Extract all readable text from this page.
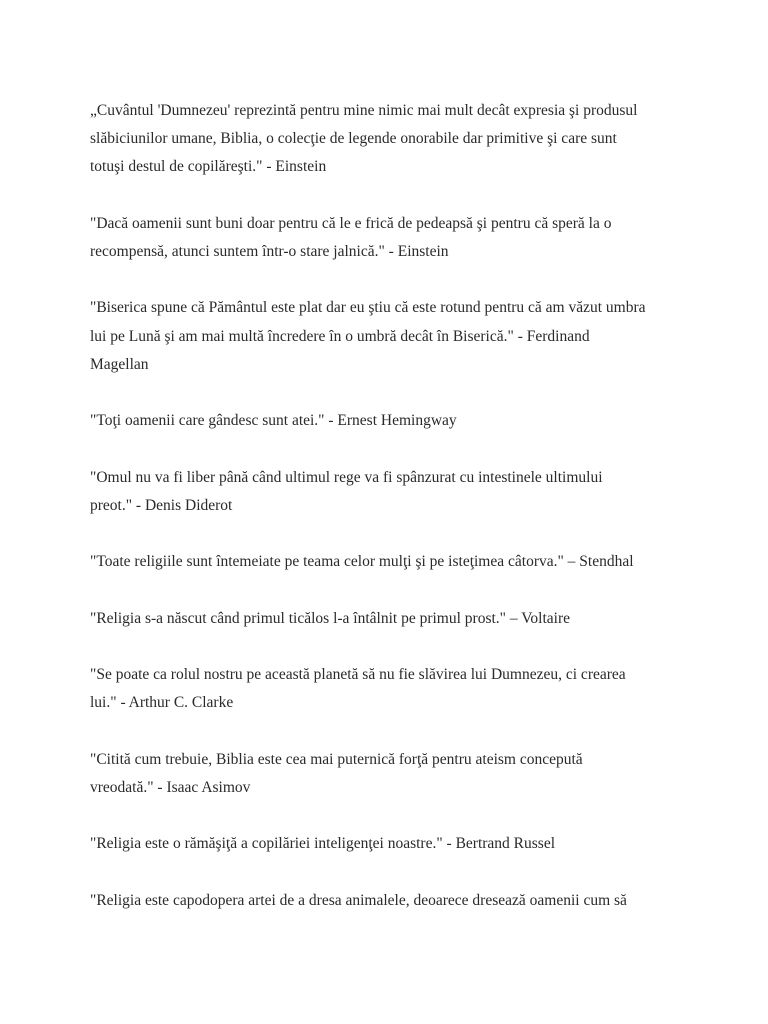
„Cuvântul 'Dumnezeu' reprezintă pentru mine nimic mai mult decât expresia şi produsul
slăbiciunilor umane, Biblia, o colecţie de legende onorabile dar primitive şi care sunt
totuşi destul de copilăreşti." - Einstein

"Dacă oamenii sunt buni doar pentru că le e frică de pedeapsă şi pentru că speră la o
recompensă, atunci suntem într-o stare jalnică." - Einstein

"Biserica spune că Pământul este plat dar eu ştiu că este rotund pentru că am văzut umbra
lui pe Lună şi am mai multă încredere în o umbră decât în Biserică." - Ferdinand
Magellan

"Toţi oamenii care gândesc sunt atei." - Ernest Hemingway

"Omul nu va fi liber până când ultimul rege va fi spânzurat cu intestinele ultimului
preot." - Denis Diderot

"Toate religiile sunt întemeiate pe teama celor mulţi şi pe isteţimea câtorva." – Stendhal

"Religia s-a născut când primul ticălos l-a întâlnit pe primul prost." – Voltaire

"Se poate ca rolul nostru pe această planetă să nu fie slăvirea lui Dumnezeu, ci crearea
lui." - Arthur C. Clarke

"Citită cum trebuie, Biblia este cea mai puternică forţă pentru ateism concepută
vreodată." - Isaac Asimov

"Religia este o rămăşiţă a copilăriei inteligenţei noastre." - Bertrand Russel

"Religia este capodopera artei de a dresa animalele, deoarece dresează oamenii cum să
